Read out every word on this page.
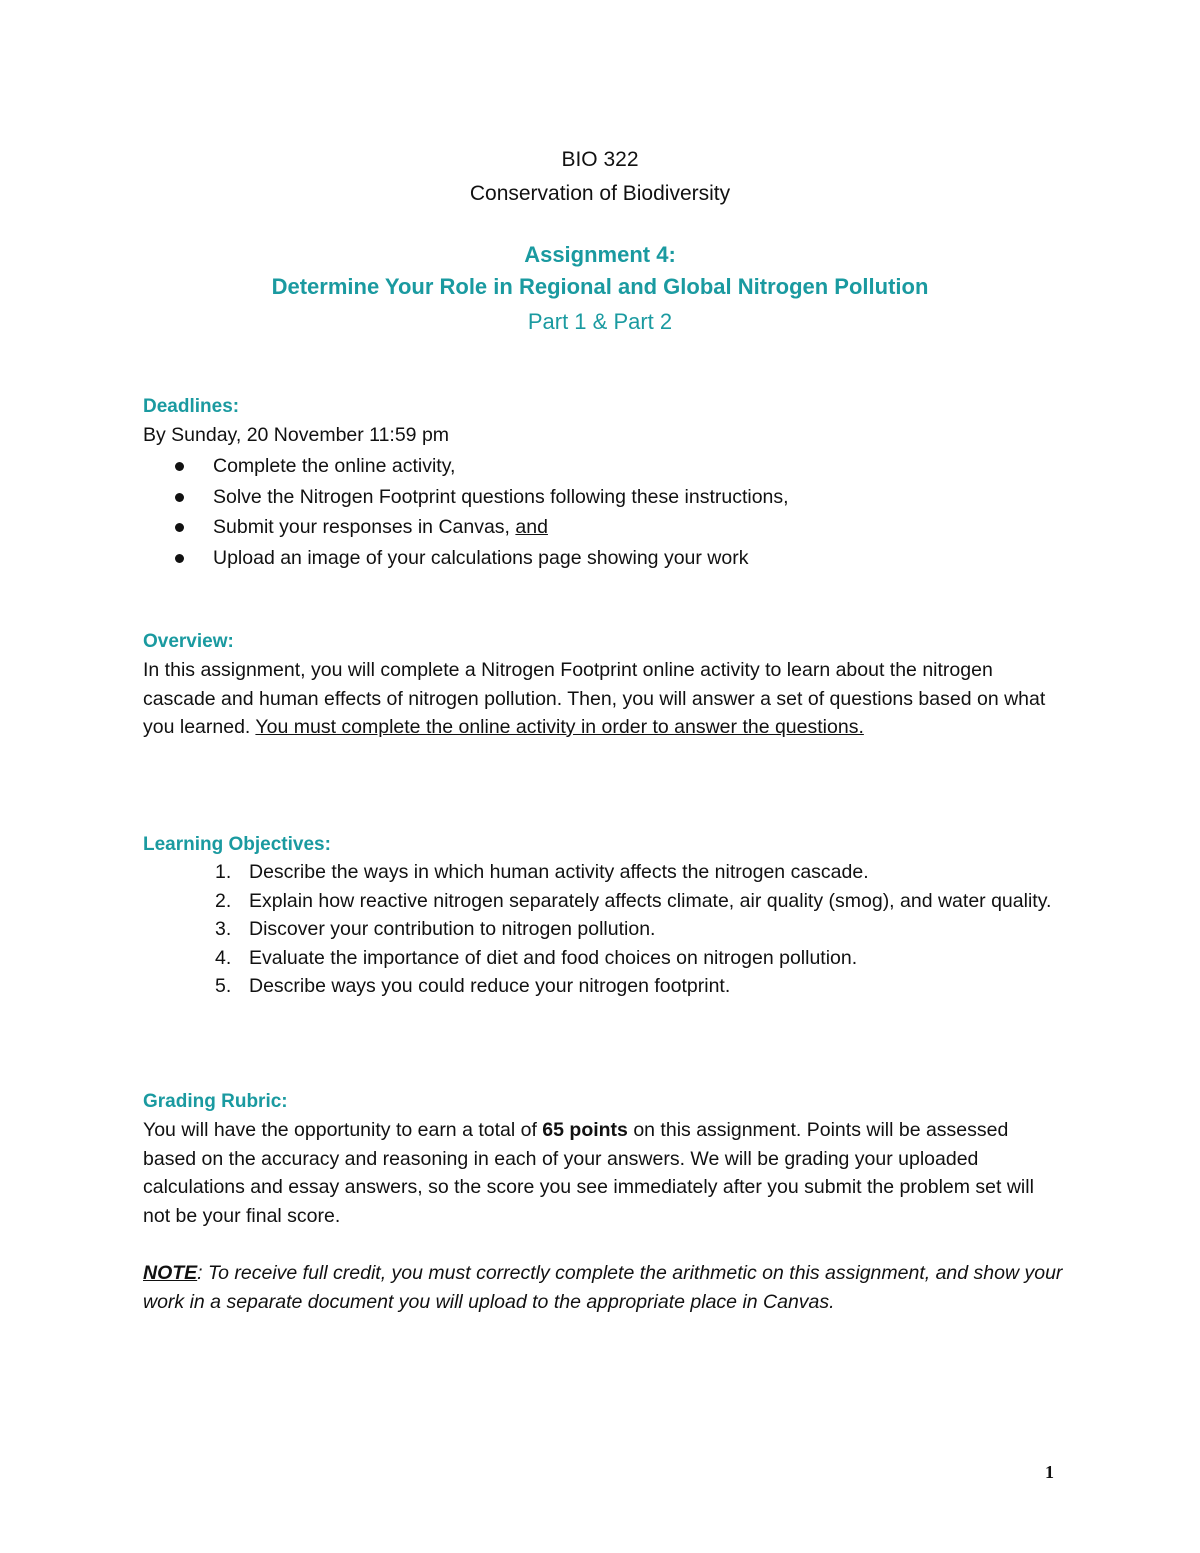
BIO 322

Conservation of Biodiversity

Assignment 4:

Determine Your Role in Regional and Global Nitrogen Pollution

Part 1 & Part 2

Deadlines:

By Sunday, 20 November 11:59 pm

Complete the online activity,
Solve the Nitrogen Footprint questions following these instructions,
Submit your responses in Canvas, and
Upload an image of your calculations page showing your work

Overview:

In this assignment, you will complete a Nitrogen Footprint online activity to learn about the nitrogen cascade and human effects of nitrogen pollution. Then, you will answer a set of questions based on what you learned. You must complete the online activity in order to answer the questions.

Learning Objectives:

1. Describe the ways in which human activity affects the nitrogen cascade.
2. Explain how reactive nitrogen separately affects climate, air quality (smog), and water quality.
3. Discover your contribution to nitrogen pollution.
4. Evaluate the importance of diet and food choices on nitrogen pollution.
5. Describe ways you could reduce your nitrogen footprint.

Grading Rubric:

You will have the opportunity to earn a total of 65 points on this assignment. Points will be assessed based on the accuracy and reasoning in each of your answers. We will be grading your uploaded calculations and essay answers, so the score you see immediately after you submit the problem set will not be your final score.

NOTE: To receive full credit, you must correctly complete the arithmetic on this assignment, and show your work in a separate document you will upload to the appropriate place in Canvas.

1
